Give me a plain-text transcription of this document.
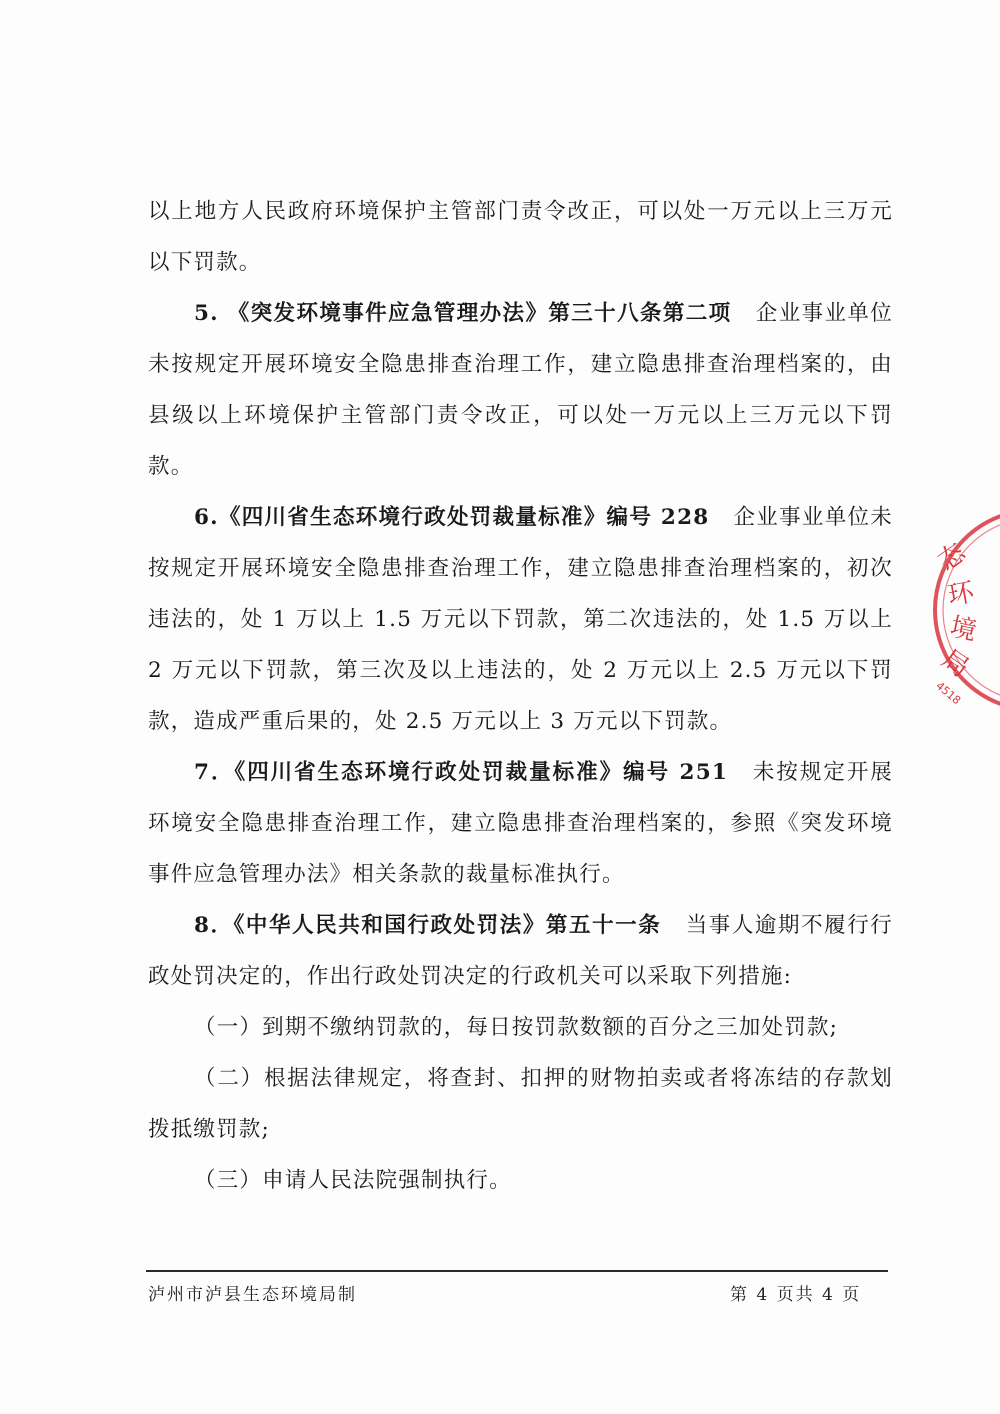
以上地方人民政府环境保护主管部门责令改正，可以处一万元以上三万元以下罚款。

5. 《突发环境事件应急管理办法》第三十八条第二项 企业事业单位未按规定开展环境安全隐患排查治理工作，建立隐患排查治理档案的，由县级以上环境保护主管部门责令改正，可以处一万元以上三万元以下罚款。

6.《四川省生态环境行政处罚裁量标准》编号 228 企业事业单位未按规定开展环境安全隐患排查治理工作，建立隐患排查治理档案的，初次违法的，处 1 万以上 1.5 万元以下罚款，第二次违法的，处 1.5 万以上 2 万元以下罚款，第三次及以上违法的，处 2 万元以上 2.5 万元以下罚款，造成严重后果的，处 2.5 万元以上 3 万元以下罚款。

7．《四川省生态环境行政处罚裁量标准》编号 251 未按规定开展环境安全隐患排查治理工作，建立隐患排查治理档案的，参照《突发环境事件应急管理办法》相关条款的裁量标准执行。

8．《中华人民共和国行政处罚法》第五十一条 当事人逾期不履行行政处罚决定的，作出行政处罚决定的行政机关可以采取下列措施:

（一）到期不缴纳罚款的，每日按罚款数额的百分之三加处罚款;

（二）根据法律规定，将查封、扣押的财物拍卖或者将冻结的存款划拨抵缴罚款;

（三）申请人民法院强制执行。

泸州市泸县生态环境局制	第 4 页共 4 页
态
环
境
局
4518
